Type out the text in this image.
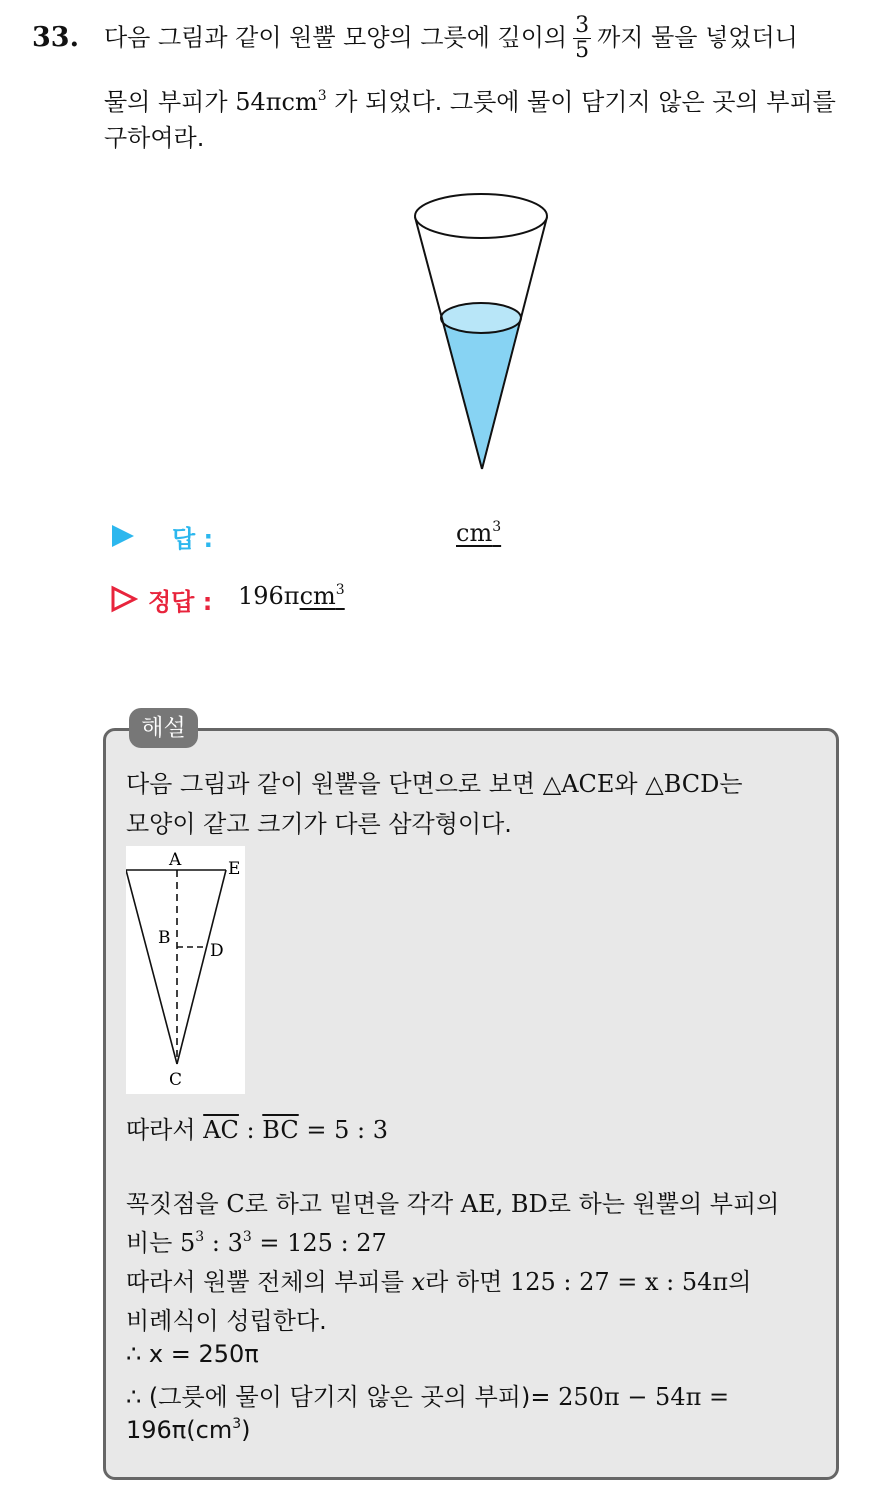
33. 다음 그림과 같이 원뿔 모양의 그릇에 깊이의 $\frac{3}{5}$ 까지 물을 넣었더니
물의 부피가 54πcm$^3$ 가 되었다. 그릇에 물이 담기지 않은 곳의 부피를
구하여라.
답 :	$cm^3$
정답 : 196πcm$^3$
해설
다음 그림과 같이 원뿔을 단면으로 보면 △ACE와 △BCD는
모양이 같고 크기가 다른 삼각형이다.
A	E
B
D
C
따라서 $\overline{AC}$ : $\overline{BC} = 5$ : 3
꼭짓점을 C로 하고 밑면을 각각 AE, BD로 하는 원뿔의 부피의
비는 $5^3$ : $3^3 = 125$ : 27
따라서 원뿔 전체의 부피를 x라 하면 125 : 27 = x : 54π의
비례식이 성립한다.
∴ x = 250π
∴ (그릇에 물이 담기지 않은 곳의 부피)= 250π − 54π =
$196\pi(cm^3)$
